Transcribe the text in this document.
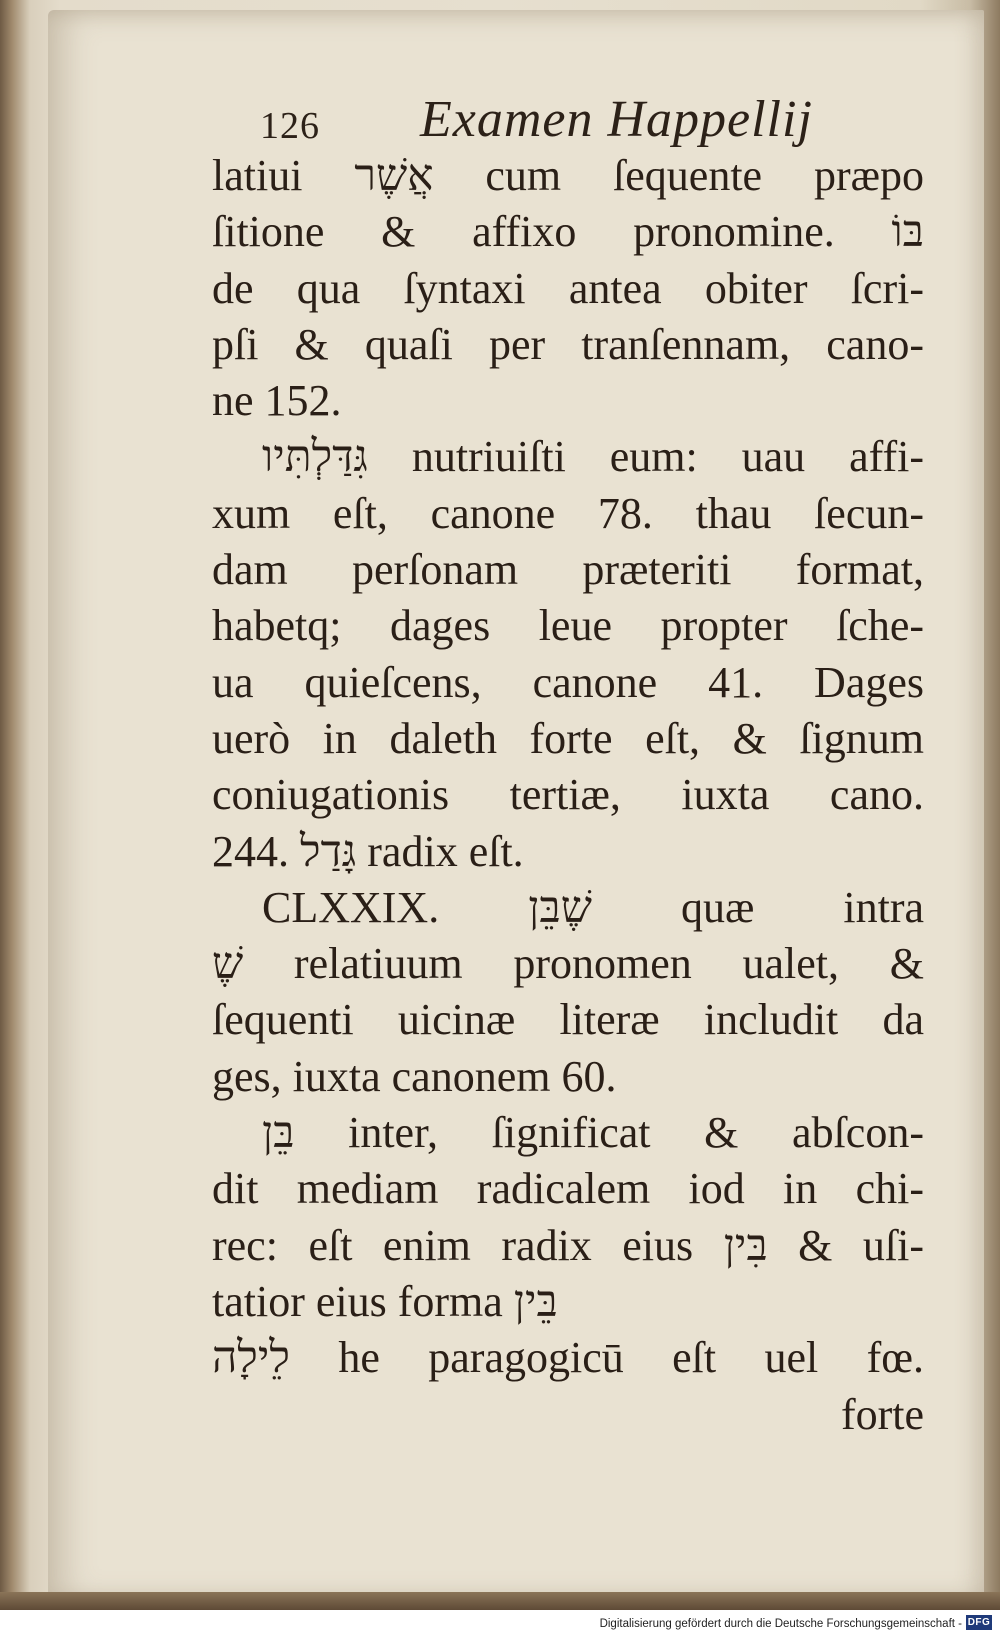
126 Examen Happellij
latiui אֲשֶׁר cum ſequente præpo
ſitione & affixo pronomine. בּוֹ
de qua ſyntaxi antea obiter ſcri‑
pſi & quaſi per tranſennam, cano‑
ne 152.
גִּדַּלְתִּיו nutriuiſti eum: uau affi‑
xum eſt, canone 78. thau ſecun‑
dam perſonam præteriti format,
habetq; dages leue propter ſche‑
ua quieſcens, canone 41. Dages
uerò in daleth forte eſt, & ſignum
coniugationis tertiæ, iuxta cano.
244. גָּדַל radix eſt.
CLXXIX. שֶׁבֵּן quæ intra
שֶׁ relatiuum pronomen ualet, &
ſequenti uicinæ literæ includit da
ges, iuxta canonem 60.
בֵּן inter, ſignificat & abſcon‑
dit mediam radicalem iod in chi‑
rec: eſt enim radix eius בִּין & uſi‑
tatior eius forma בֵּין
לֵילָה he paragogicū eſt uel fœ.
forte
Digitalisierung gefördert durch die Deutsche Forschungsgemeinschaft - DFG
